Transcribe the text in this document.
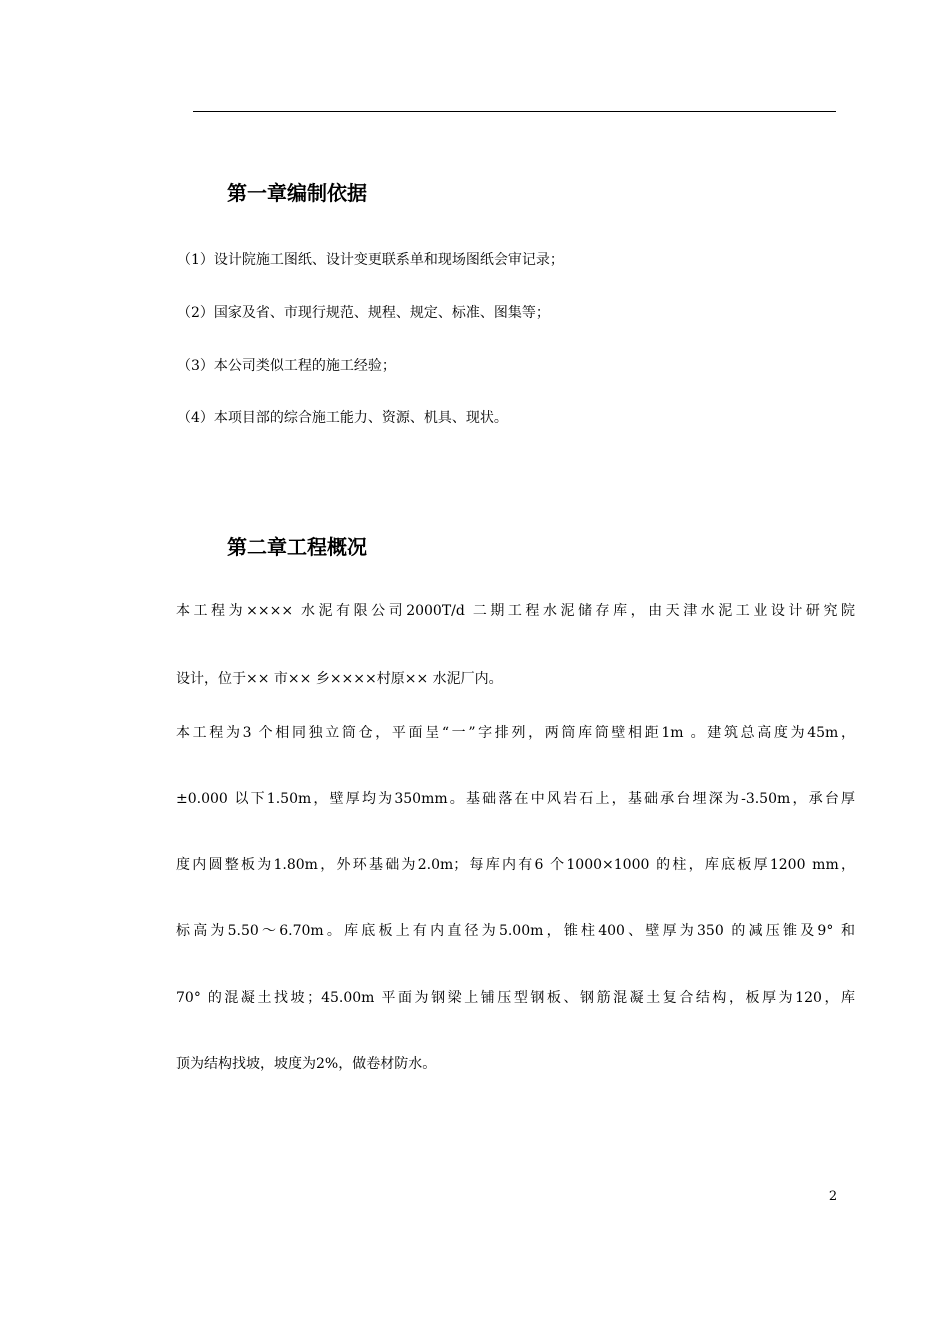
第一章编制依据
（1）设计院施工图纸、设计变更联系单和现场图纸会审记录；
（2）国家及省、市现行规范、规程、规定、标准、图集等；
（3）本公司类似工程的施工经验；
（4）本项目部的综合施工能力、资源、机具、现状。
第二章工程概况
本工程为×××× 水泥有限公司2000T/d 二期工程水泥储存库，由天津水泥工业设计研究院
设计，位于×× 市×× 乡××××村原×× 水泥厂内。
本工程为3 个相同独立筒仓，平面呈“一”字排列，两筒库筒壁相距1m 。建筑总高度为45m，
±0.000 以下1.50m，壁厚均为350mm。基础落在中风岩石上，基础承台埋深为-3.50m，承台厚
度内圆整板为1.80m，外环基础为2.0m；每库内有6 个1000×1000 的柱，库底板厚1200 mm，
标高为5.50～6.70m。库底板上有内直径为5.00m，锥柱400、壁厚为350 的减压锥及9° 和
70° 的混凝土找坡；45.00m 平面为钢梁上铺压型钢板、钢筋混凝土复合结构，板厚为120，库
顶为结构找坡，坡度为2%，做卷材防水。
2
